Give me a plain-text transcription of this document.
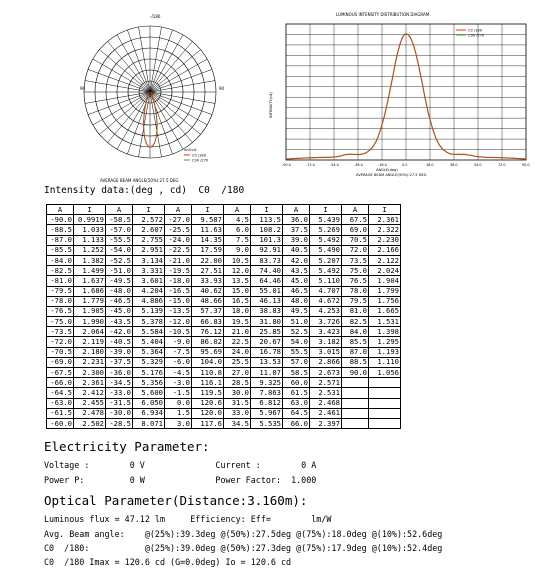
-/180
90	90
AVERAGE BEAM ANGLE(50%):27.5 DEG
unit:cd
C0 /180
C90 /270
LUMINOUS INTENSITY DISTRIBUTION DIAGRAM
INTENSITY(cd)
-90.0	-72.0	-54.0	-36.0	-18.0	0.0	18.0	36.0	54.0	72.0	90.0
C0 /180
C90 /270
ANGLE(deg)
AVERAGE BEAM ANGLE(50%):27.5 DEG
Intensity data:(deg , cd)  C0  /180
A	I	A	I	A	I	A	I	A	I	A	I
-90.0	0.9919	-58.5	2.572	-27.0	9.587	4.5	113.5	36.0	5.439	67.5	2.361
-88.5	1.033	-57.0	2.607	-25.5	11.63	6.0	108.2	37.5	5.269	69.0	2.322
-87.0	1.133	-55.5	2.755	-24.0	14.35	7.5	101.3	39.0	5.492	70.5	2.230
-85.5	1.252	-54.0	2.951	-22.5	17.59	9.0	92.91	40.5	5.490	72.0	2.166
-84.0	1.382	-52.5	3.134	-21.0	22.00	10.5	83.73	42.0	5.207	73.5	2.122
-82.5	1.499	-51.0	3.331	-19.5	27.51	12.0	74.40	43.5	5.492	75.0	2.024
-81.0	1.637	-49.5	3.601	-18.0	33.93	13.5	64.46	45.0	5.110	76.5	1.904
-79.5	1.686	-48.0	4.204	-16.5	40.62	15.0	55.01	46.5	4.707	78.0	1.799
-78.0	1.779	-46.5	4.886	-15.0	48.66	16.5	46.13	48.0	4.672	79.5	1.756
-76.5	1.905	-45.0	5.139	-13.5	57.37	18.0	38.83	49.5	4.253	81.0	1.665
-75.0	1.990	-43.5	5.378	-12.0	66.83	19.5	31.80	51.0	3.726	82.5	1.531
-73.5	2.064	-42.0	5.584	-10.5	76.12	21.0	25.85	52.5	3.423	84.0	1.398
-72.0	2.119	-40.5	5.404	-9.0	86.02	22.5	20.67	54.0	3.182	85.5	1.295
-70.5	2.180	-39.0	5.364	-7.5	95.69	24.0	16.78	55.5	3.015	87.0	1.193
-69.0	2.231	-37.5	5.329	-6.0	104.0	25.5	13.53	57.0	2.866	88.5	1.110
-67.5	2.300	-36.0	5.176	-4.5	110.8	27.0	11.07	58.5	2.673	90.0	1.056
-66.0	2.361	-34.5	5.356	-3.0	116.1	28.5	9.325	60.0	2.571		
-64.5	2.412	-33.0	5.600	-1.5	119.5	30.0	7.863	61.5	2.531		
-63.0	2.455	-31.5	6.050	0.0	120.6	31.5	6.812	63.0	2.468		
-61.5	2.478	-30.0	6.934	1.5	120.0	33.0	5.967	64.5	2.461		
-60.0	2.502	-28.5	8.071	3.0	117.6	34.5	5.535	66.0	2.397		
Electricity Parameter:
Voltage :        0 V              Current :        0 A
Power P:         0 W              Power Factor:  1.000
Optical Parameter(Distance:3.160m):
Luminous flux = 47.12 lm     Efficiency: Eff=        lm/W
Avg. Beam angle:    @(25%):39.3deg @(50%):27.5deg @(75%):18.0deg @(10%):52.6deg
C0  /180:           @(25%):39.0deg @(50%):27.3deg @(75%):17.9deg @(10%):52.4deg
C0  /180 Imax = 120.6 cd (G=0.0deg) Io = 120.6 cd
